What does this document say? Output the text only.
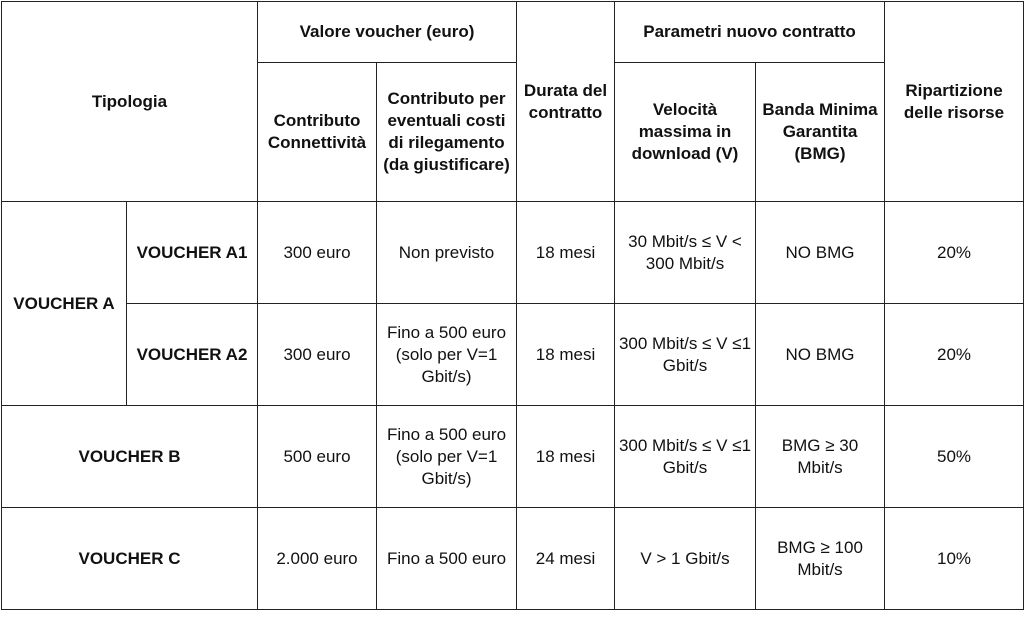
Tipologia		Valore voucher (euro)		Durata del contratto	Parametri nuovo contratto		Ripartizione delle risorse
		Contributo Connettività	Contributo per eventuali costi di rilegamento (da giustificare)		Velocità massima in download (V)	Banda Minima Garantita (BMG)	
VOUCHER A	VOUCHER A1	300 euro	Non previsto	18 mesi	30 Mbit/s ≤ V < 300 Mbit/s	NO BMG	20%
	VOUCHER A2	300 euro	Fino a 500 euro (solo per V=1 Gbit/s)	18 mesi	300 Mbit/s ≤ V ≤1 Gbit/s	NO BMG	20%
VOUCHER B		500 euro	Fino a 500 euro (solo per V=1 Gbit/s)	18 mesi	300 Mbit/s ≤ V ≤1 Gbit/s	BMG ≥ 30 Mbit/s	50%
VOUCHER C		2.000 euro	Fino a 500 euro	24 mesi	V > 1 Gbit/s	BMG ≥ 100 Mbit/s	10%
